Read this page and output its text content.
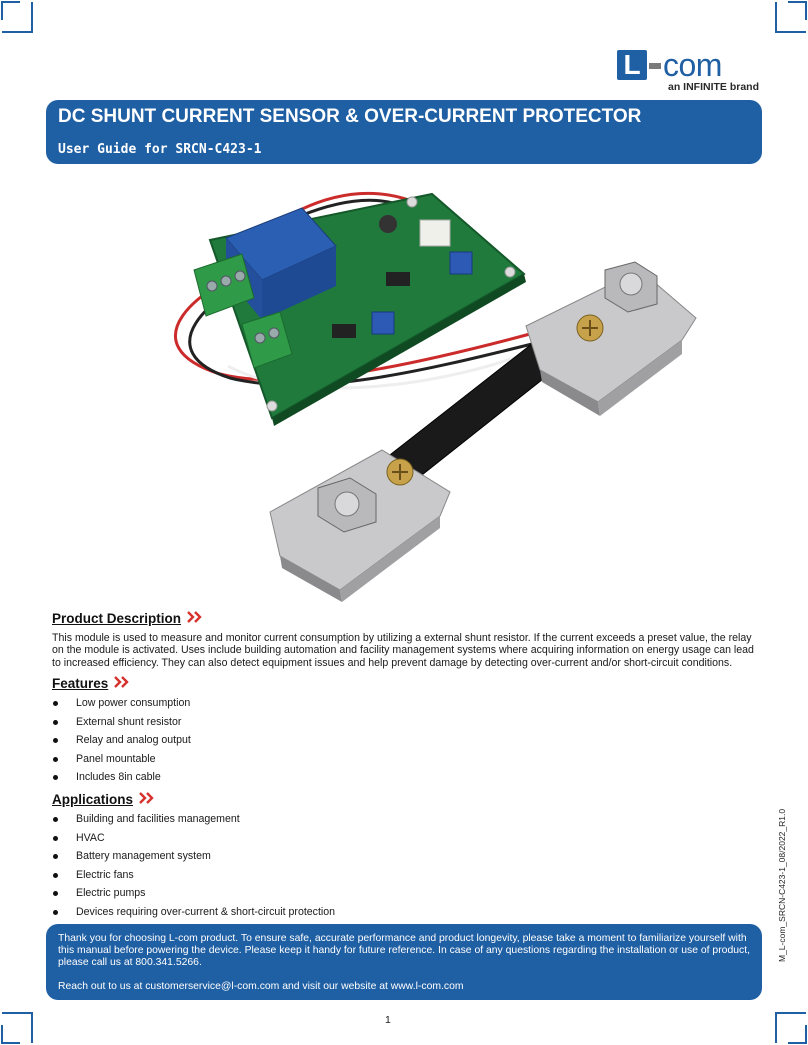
L com
an INFINITE brand
DC SHUNT CURRENT SENSOR & OVER-CURRENT PROTECTOR
User Guide for SRCN-C423-1
Product Description
This module is used to measure and monitor current consumption by utilizing a external shunt resistor. If the current exceeds a preset value, the relay on the module is activated. Uses include building automation and facility management systems where acquiring information on energy usage can lead to increased efficiency. They can also detect equipment issues and help prevent damage by detecting over-current and/or short-circuit conditions.
Features
Low power consumption
External shunt resistor
Relay and analog output
Panel mountable
Includes 8in cable
Applications
Building and facilities management
HVAC
Battery management system
Electric fans
Electric pumps
Devices requiring over-current & short-circuit protection	M_L-com_SRCN-C423-1_08/2022_R1.0
Thank you for choosing L-com product. To ensure safe, accurate performance and product longevity, please take a moment to familiarize yourself with this manual before powering the device. Please keep it handy for future reference. In case of any questions regarding the installation or use of product, please call us at 800.341.5266.
Reach out to us at customerservice@l-com.com and visit our website at www.l-com.com
1
